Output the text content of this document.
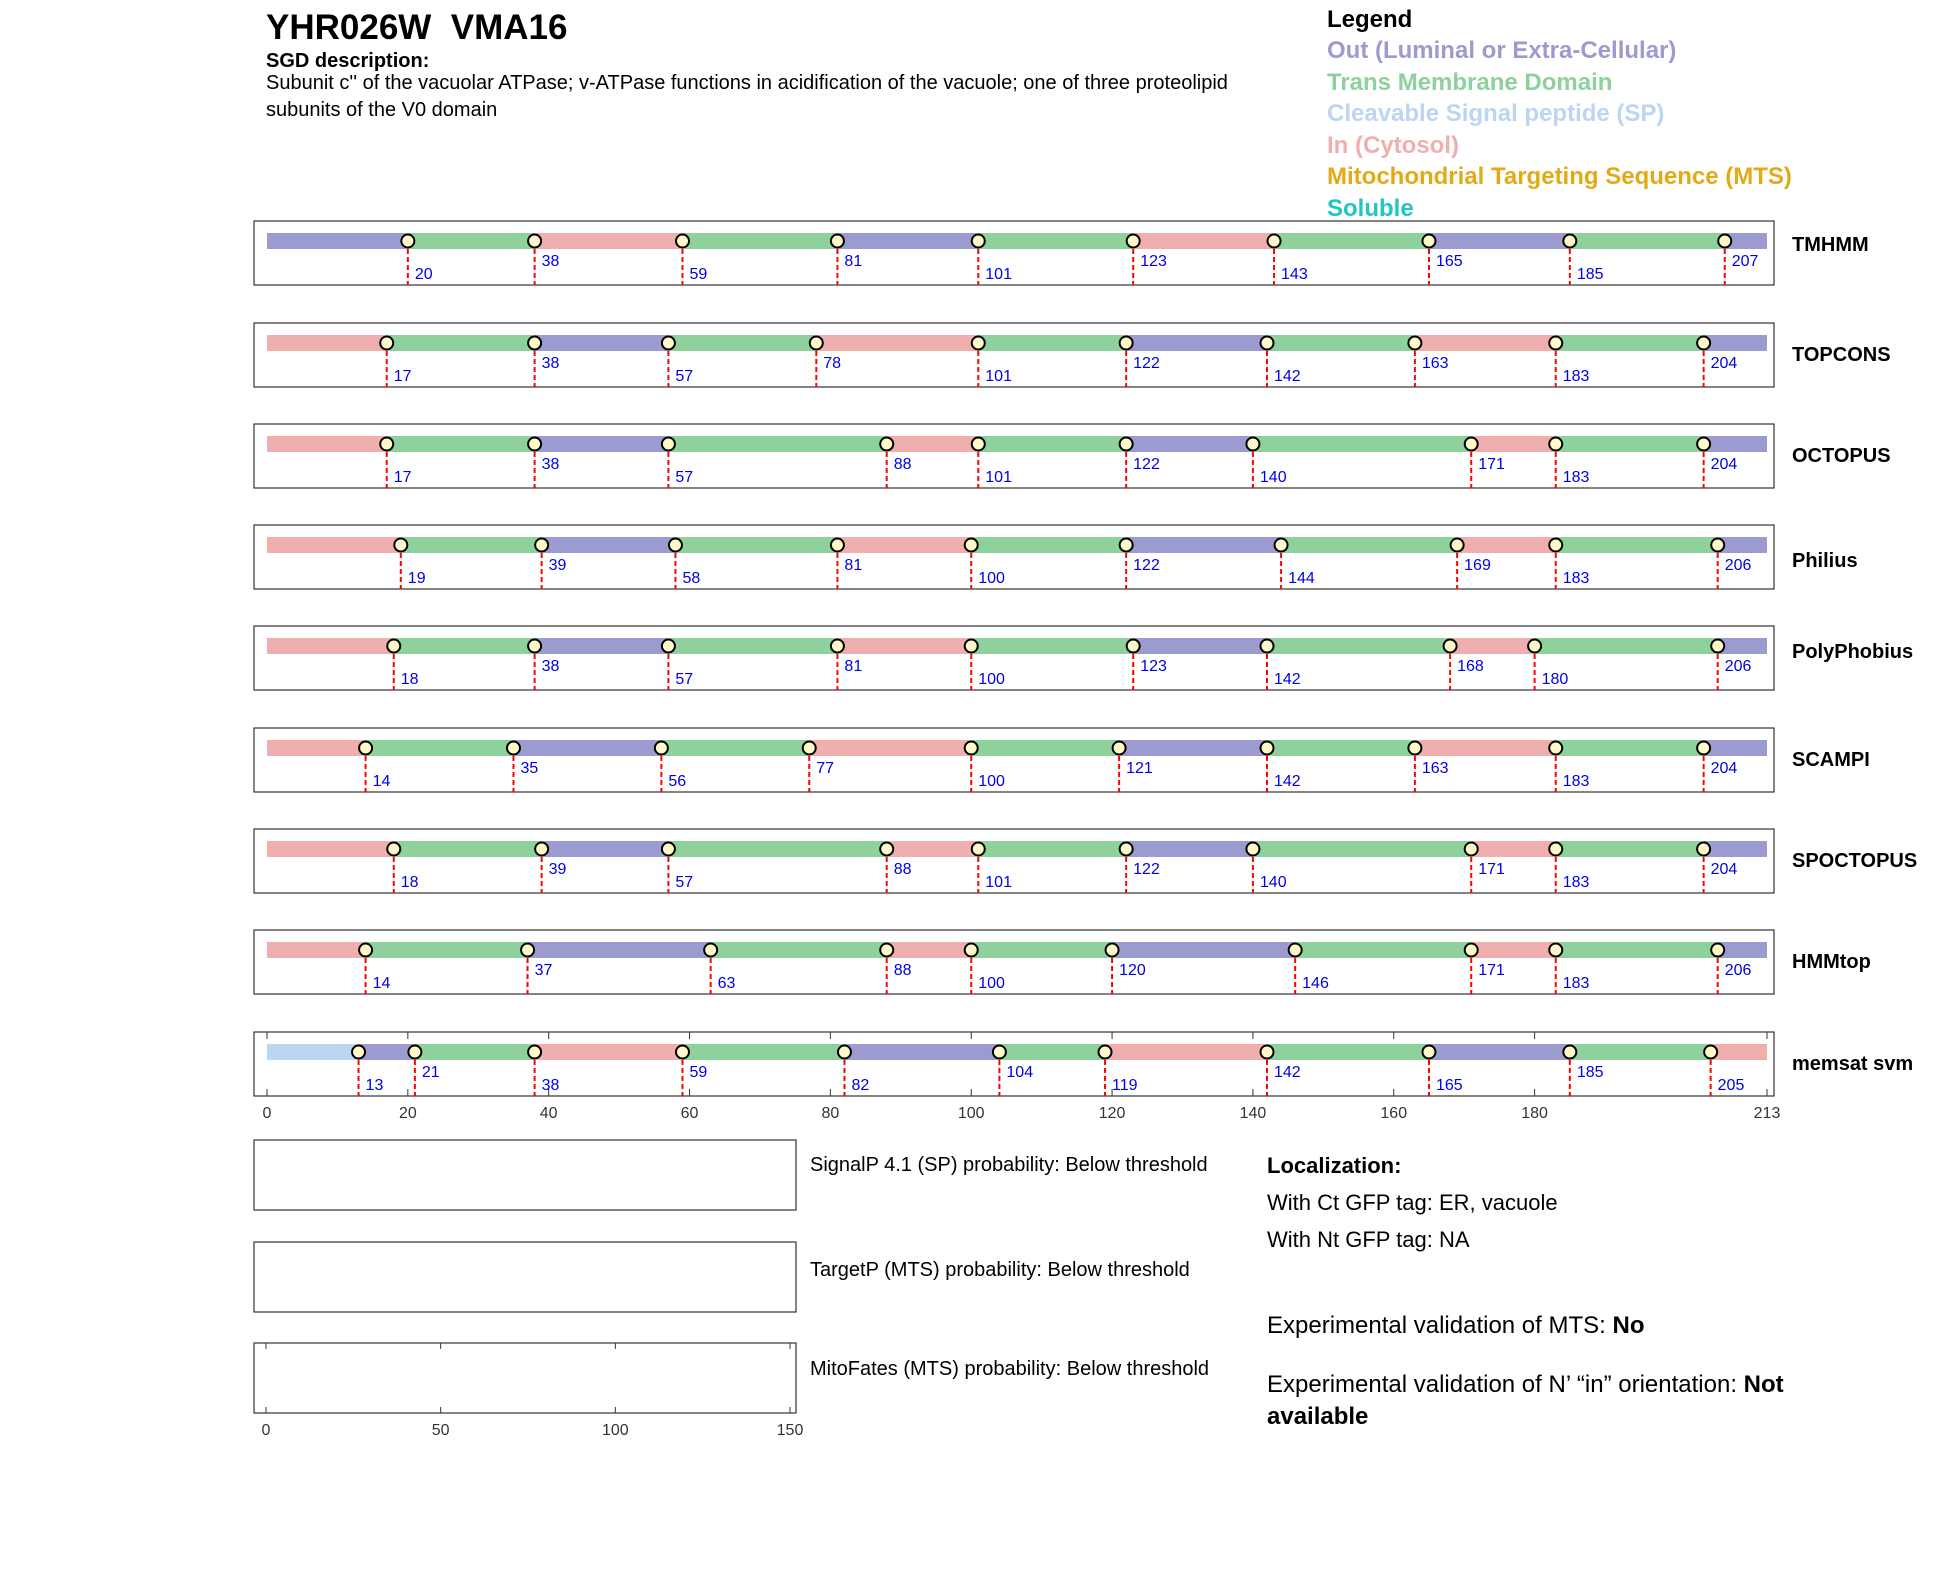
YHR026W VMA16
SGD description:
Subunit c'' of the vacuolar ATPase; v-ATPase functions in acidification of the vacuole; one of three proteolipid subunits of the V0 domain
Legend
Out (Luminal or Extra-Cellular)
Trans Membrane Domain
Cleavable Signal peptide (SP)
In (Cytosol)
Mitochondrial Targeting Sequence (MTS)
Soluble
20
38
59
81
101
123
143
165
185
207
TMHMM
17
38
57
78
101
122
142
163
183
204	TOPCONS
17
38
57
88
101
122
140
171
183
204	OCTOPUS
19
39
58
81
100
122
144
169
183
206 Philius
18
38
57
81
100
123
142
168
180
206
PolyPhobius
14
35
56
77
100
121
142
163
183
204	SCAMPI
18
39
57
88
101
122
140
171
183
204	SPOCTOPUS
14
37
63
88
100
120
146
171
183
206 HMMtop
0	20	40	60	80	100	120	140	160	180	213
13
21
38
59
82
104
119
142
165
185
205
memsat svm
0	50	100	150
SignalP 4.1 (SP) probability: Below threshold
TargetP (MTS) probability: Below threshold
MitoFates (MTS) probability: Below threshold
Localization:
With Ct GFP tag: ER, vacuole
With Nt GFP tag: NA
Experimental validation of MTS: No
Experimental validation of N’ “in” orientation: Not available
